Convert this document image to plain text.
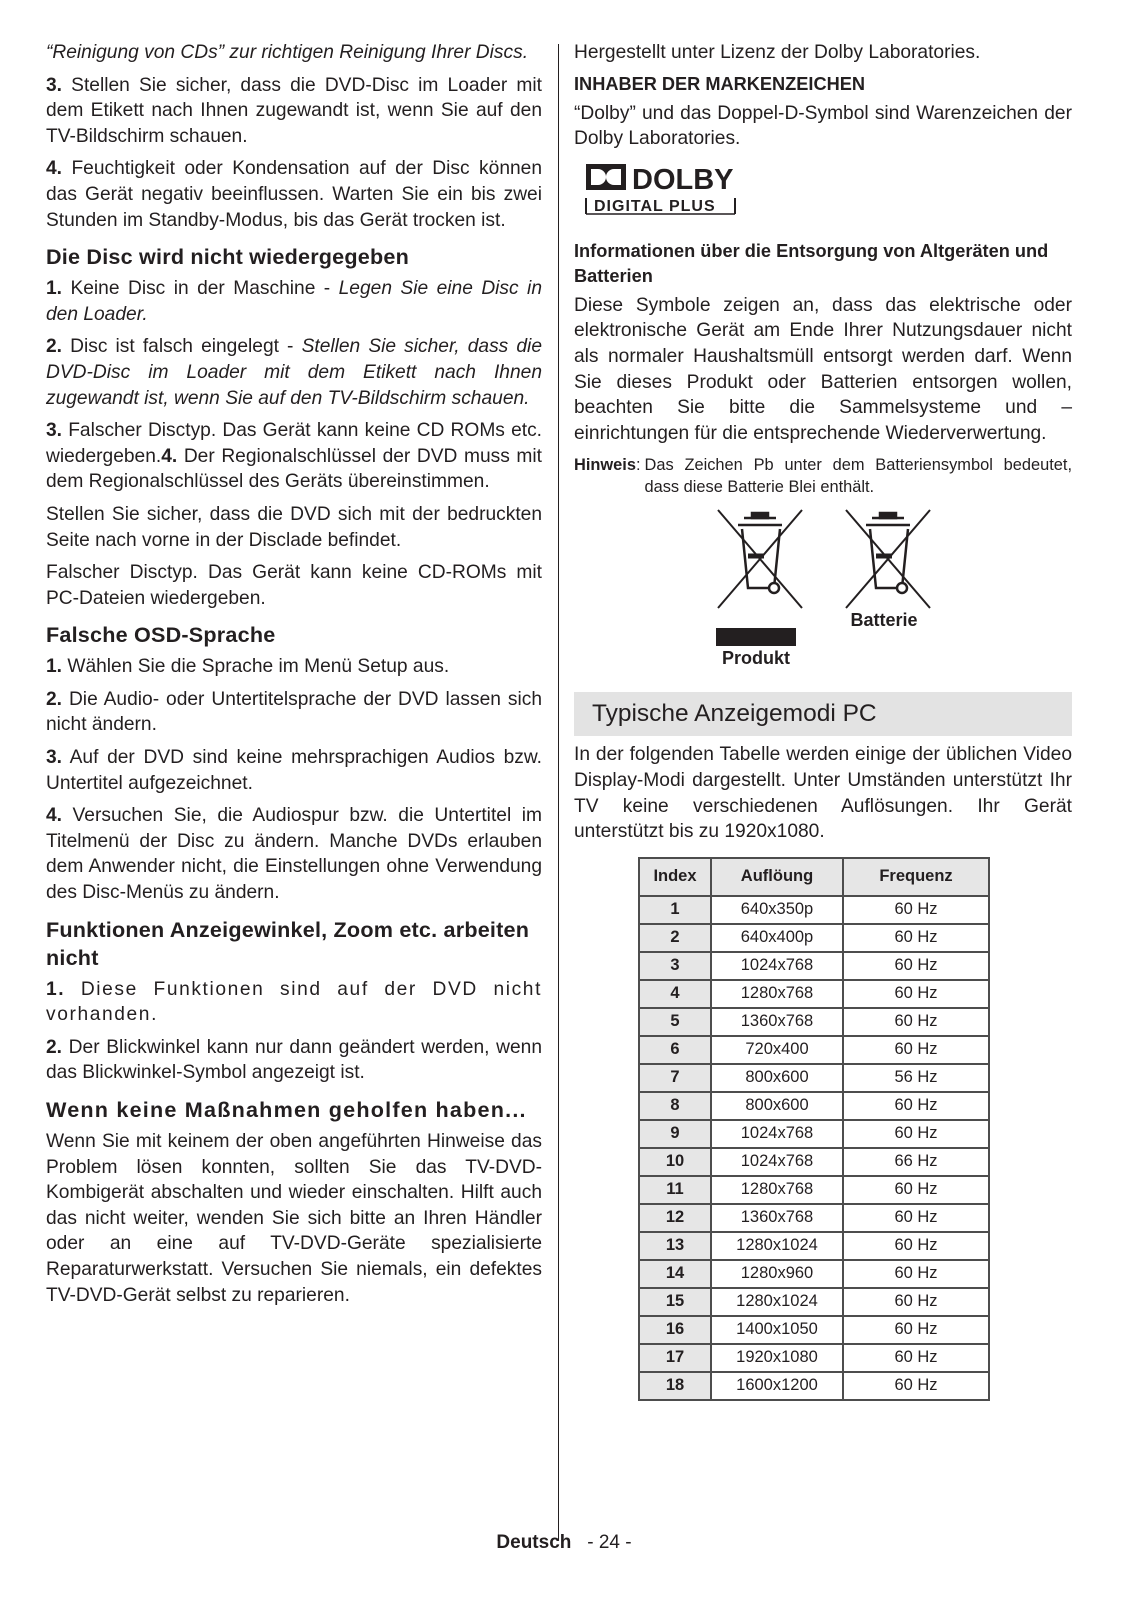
“Reinigung von CDs” zur richtigen Reinigung Ihrer Discs.

3. Stellen Sie sicher, dass die DVD-Disc im Loader mit dem Etikett nach Ihnen zugewandt ist, wenn Sie auf den TV-Bildschirm schauen.

4. Feuchtigkeit oder Kondensation auf der Disc können das Gerät negativ beeinflussen. Warten Sie ein bis zwei Stunden im Standby-Modus, bis das Gerät trocken ist.

Die Disc wird nicht wiedergegeben

1. Keine Disc in der Maschine - Legen Sie eine Disc in den Loader.

2. Disc ist falsch eingelegt - Stellen Sie sicher, dass die DVD-Disc im Loader mit dem Etikett nach Ihnen zugewandt ist, wenn Sie auf den TV-Bildschirm schauen.

3. Falscher Disctyp. Das Gerät kann keine CD ROMs etc. wiedergeben.4. Der Regionalschlüssel der DVD muss mit dem Regionalschlüssel des Geräts übereinstimmen.

Stellen Sie sicher, dass die DVD sich mit der bedruckten Seite nach vorne in der Disclade befindet.

Falscher Disctyp. Das Gerät kann keine CD-ROMs mit PC-Dateien wiedergeben.

Falsche OSD-Sprache

1. Wählen Sie die Sprache im Menü Setup aus.

2. Die Audio- oder Untertitelsprache der DVD lassen sich nicht ändern.

3. Auf der DVD sind keine mehrsprachigen Audios bzw. Untertitel aufgezeichnet.

4. Versuchen Sie, die Audiospur bzw. die Untertitel im Titelmenü der Disc zu ändern. Manche DVDs erlauben dem Anwender nicht, die Einstellungen ohne Verwendung des Disc-Menüs zu ändern.

Funktionen Anzeigewinkel, Zoom etc. arbeiten nicht

1. Diese Funktionen sind auf der DVD nicht vorhanden.

2. Der Blickwinkel kann nur dann geändert werden, wenn das Blickwinkel-Symbol angezeigt ist.

Wenn keine Maßnahmen geholfen haben...

Wenn Sie mit keinem der oben angeführten Hinweise das Problem lösen konnten, sollten Sie das TV-DVD-Kombigerät abschalten und wieder einschalten. Hilft auch das nicht weiter, wenden Sie sich bitte an Ihren Händler oder an eine auf TV-DVD-Geräte spezialisierte Reparaturwerkstatt. Versuchen Sie niemals, ein defektes TV-DVD-Gerät selbst zu reparieren.

Hergestellt unter Lizenz der Dolby Laboratories.

INHABER DER MARKENZEICHEN

“Dolby” und das Doppel-D-Symbol sind Warenzeichen der Dolby Laboratories.

DOLBY
DIGITAL PLUS
Informationen über die Entsorgung von Altgeräten und Batterien

Diese Symbole zeigen an, dass das elektrische oder elektronische Gerät am Ende Ihrer Nutzungsdauer nicht als normaler Haushaltsmüll entsorgt werden darf. Wenn Sie dieses Produkt oder Batterien entsorgen wollen, beachten Sie bitte die Sammelsysteme und – einrichtungen für die entsprechende Wiederverwertung.

Hinweis : Das Zeichen Pb unter dem Batteriensymbol bedeutet, dass diese Batterie Blei enthält.
Batterie
Produkt
Typische Anzeigemodi PC

In der folgenden Tabelle werden einige der üblichen Video Display-Modi dargestellt. Unter Umständen unterstützt Ihr TV keine verschiedenen Auflösungen. Ihr Gerät unterstützt bis zu 1920x1080.

Index	Auflöung	Frequenz
1	640x350p	60 Hz
2	640x400p	60 Hz
3	1024x768	60 Hz
4	1280x768	60 Hz
5	1360x768	60 Hz
6	720x400	60 Hz
7	800x600	56 Hz
8	800x600	60 Hz
9	1024x768	60 Hz
10	1024x768	66 Hz
11	1280x768	60 Hz
12	1360x768	60 Hz
13	1280x1024	60 Hz
14	1280x960	60 Hz
15	1280x1024	60 Hz
16	1400x1050	60 Hz
17	1920x1080	60 Hz
18	1600x1200	60 Hz
Deutsch - 24 -
